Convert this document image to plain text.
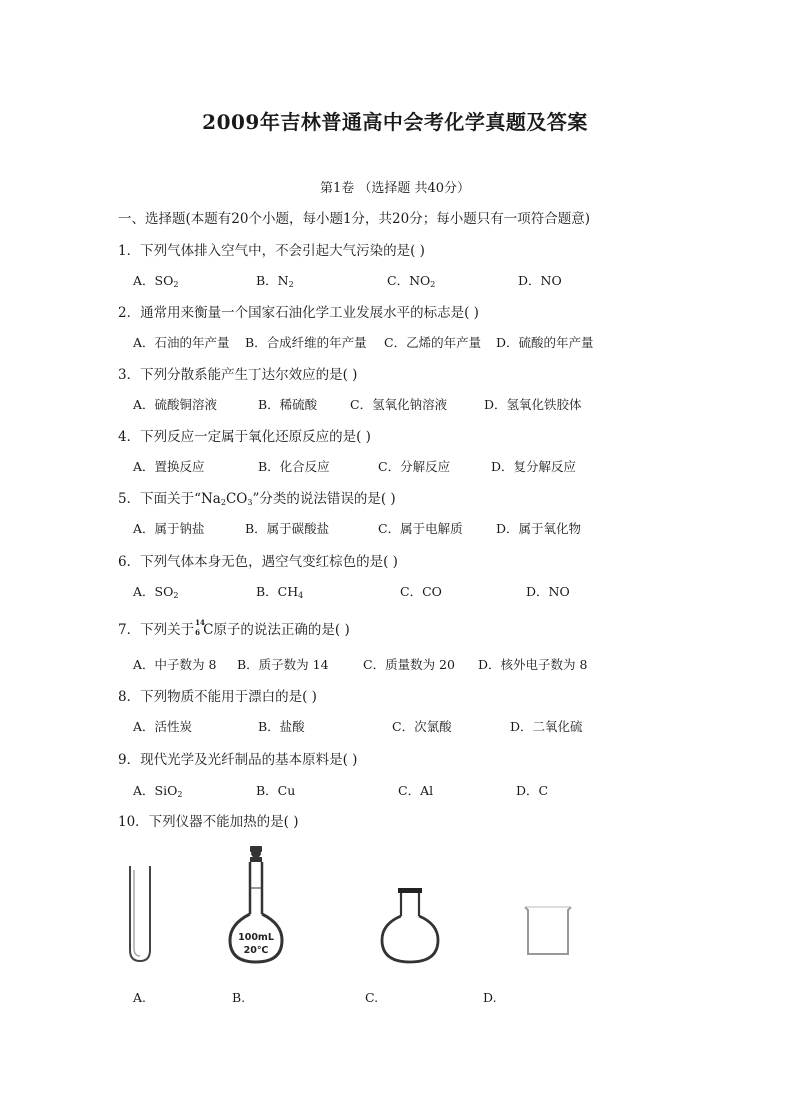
2009年吉林普通高中会考化学真题及答案
第1卷 （选择题 共40分）
一、选择题(本题有20个小题，每小题1分，共20分；每小题只有一项符合题意)
1．下列气体排入空气中，不会引起大气污染的是( )
A．$SO_2$	B．$N_2$	C．$NO_2$	D．NO
2．通常用来衡量一个国家石油化学工业发展水平的标志是( )
A．石油的年产量 B．合成纤维的年产量 C．乙烯的年产量 D．硫酸的年产量
3．下列分散系能产生丁达尔效应的是( )
A．硫酸铜溶液	B．稀硫酸	C．氢氧化钠溶液	D．氢氧化铁胶体
4．下列反应一定属于氧化还原反应的是( )
A．置换反应	B．化合反应	C．分解反应	D．复分解反应
5．下面关于“$Na_2CO_3$”分类的说法错误的是( )
A．属于钠盐	B．属于碳酸盐	C．属于电解质	D．属于氧化物
6．下列气体本身无色，遇空气变红棕色的是( )
A．$SO_2$	B．$CH_4$	C．CO	D．NO
7．下列关于 14
6 C原子的说法正确的是( )
A．中子数为 8 B．质子数为 14	C．质量数为 20 D．核外电子数为 8
8．下列物质不能用于漂白的是( )
A．活性炭	B．盐酸	C．次氯酸	D．二氧化硫
9．现代光学及光纤制品的基本原料是( )
A．SiO$_2$	B．Cu	C．Al	D．C
10．下列仪器不能加热的是( )
100mL
20℃
A.	B.	C.	D.
